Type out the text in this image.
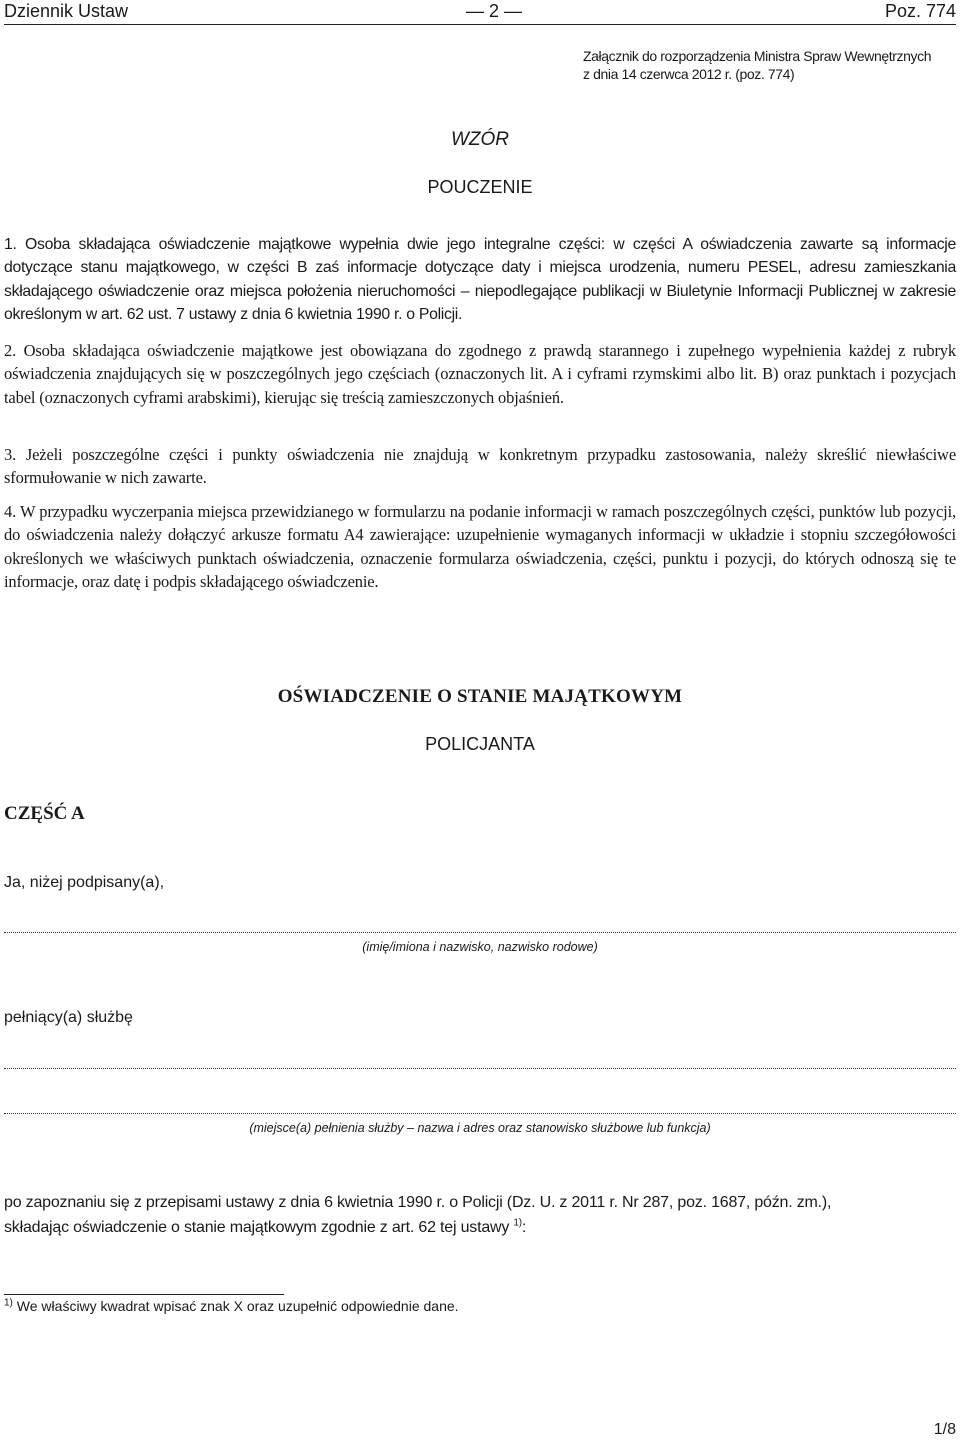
Dziennik Ustaw	— 2 —	Poz. 774
Załącznik do rozporządzenia Ministra Spraw Wewnętrznych
z dnia 14 czerwca 2012 r. (poz. 774)
WZÓR
POUCZENIE
1. Osoba składająca oświadczenie majątkowe wypełnia dwie jego integralne części: w części A oświadczenia zawarte są informacje dotyczące stanu majątkowego, w części B zaś informacje dotyczące daty i miejsca urodzenia, numeru PESEL, adresu zamieszkania składającego oświadczenie oraz miejsca położenia nieruchomości – niepodlegające publikacji w Biuletynie Informacji Publicznej w zakresie określonym w art. 62 ust. 7 ustawy z dnia 6 kwietnia 1990 r. o Policji.
2. Osoba składająca oświadczenie majątkowe jest obowiązana do zgodnego z prawdą starannego i zupełnego wypełnienia każdej z rubryk oświadczenia znajdujących się w poszczególnych jego częściach (oznaczonych lit. A i cyframi rzymskimi albo lit. B) oraz punktach i pozycjach tabel (oznaczonych cyframi arabskimi), kierując się treścią zamieszczonych objaśnień.
3. Jeżeli poszczególne części i punkty oświadczenia nie znajdują w konkretnym przypadku zastosowania, należy skreślić niewłaściwe sformułowanie w nich zawarte.
4. W przypadku wyczerpania miejsca przewidzianego w formularzu na podanie informacji w ramach poszczególnych części, punktów lub pozycji, do oświadczenia należy dołączyć arkusze formatu A4 zawierające: uzupełnienie wymaganych informacji w układzie i stopniu szczegółowości określonych we właściwych punktach oświadczenia, oznaczenie formularza oświadczenia, części, punktu i pozycji, do których odnoszą się te informacje, oraz datę i podpis składającego oświadczenie.
OŚWIADCZENIE O STANIE MAJĄTKOWYM
POLICJANTA
CZĘŚĆ A
Ja, niżej podpisany(a),
(imię/imiona i nazwisko, nazwisko rodowe)
pełniący(a) służbę
(miejsce(a) pełnienia służby – nazwa i adres oraz stanowisko służbowe lub funkcja)
po zapoznaniu się z przepisami ustawy z dnia 6 kwietnia 1990 r. o Policji (Dz. U. z 2011 r. Nr 287, poz. 1687, późn. zm.),
składając oświadczenie o stanie majątkowym zgodnie z art. 62 tej ustawy $^{1)}$:
$^{1)}$ We właściwy kwadrat wpisać znak X oraz uzupełnić odpowiednie dane.
1/8
